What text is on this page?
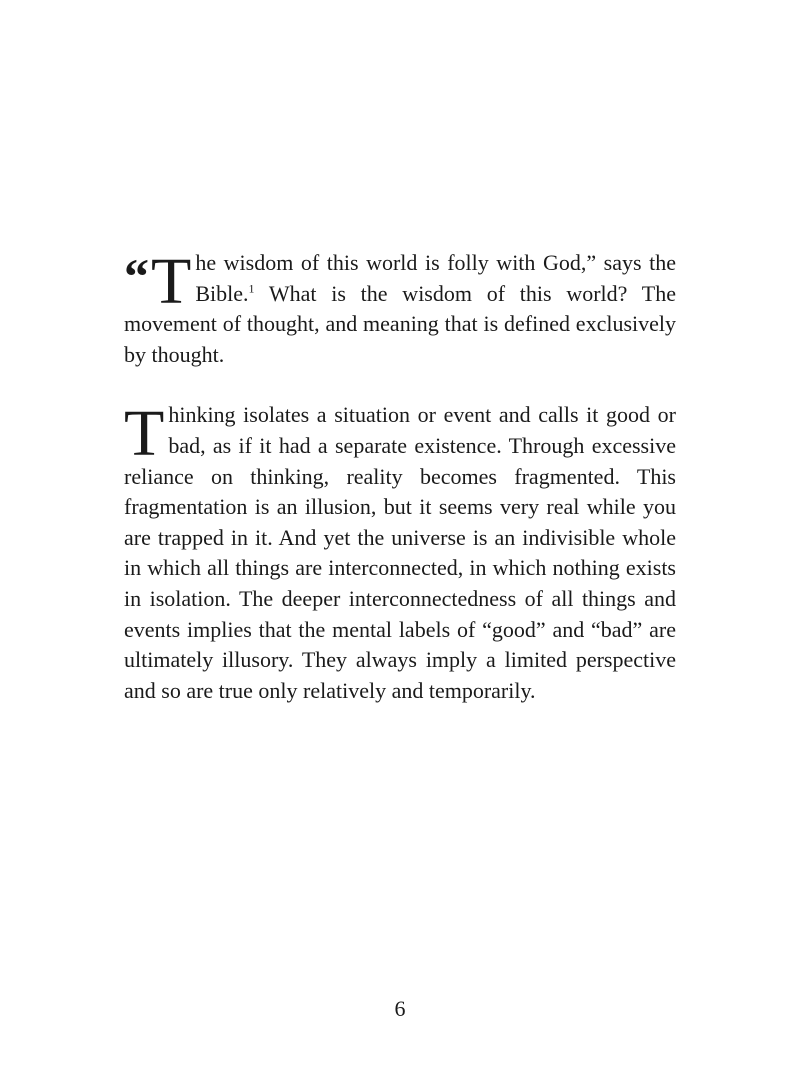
“ T he wisdom of this world is folly with God,” says the Bible.$^1$ What is the wisdom of this world? The movement of thought, and meaning that is defined exclusively by thought.

T hinking isolates a situation or event and calls it good or bad, as if it had a separate existence. Through excessive reliance on thinking, reality becomes fragmented. This fragmentation is an illusion, but it seems very real while you are trapped in it. And yet the universe is an indivisible whole in which all things are interconnected, in which nothing exists in isolation. The deeper interconnectedness of all things and events implies that the mental labels of “good” and “bad” are ultimately illusory. They always imply a limited perspective and so are true only relatively and temporarily.

6
